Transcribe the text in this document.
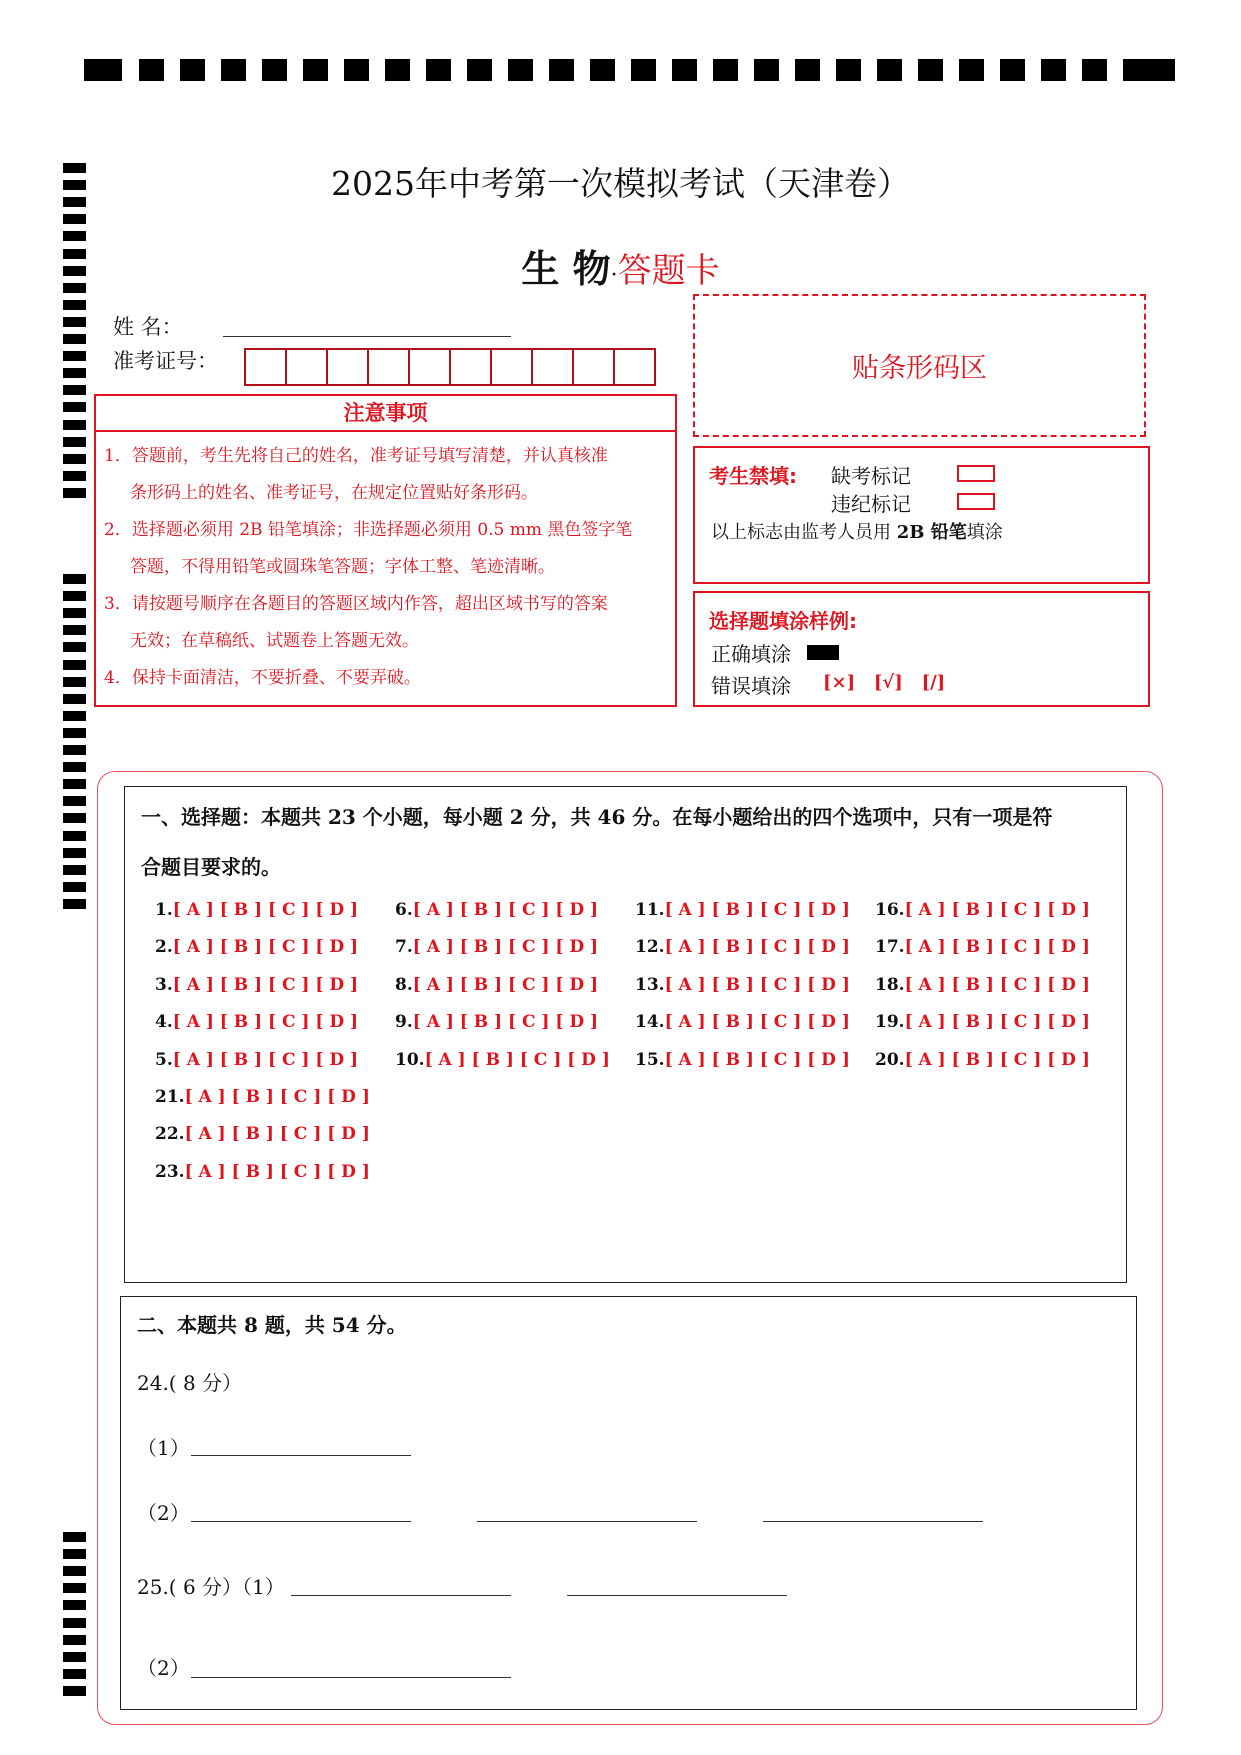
2025年中考第一次模拟考试（天津卷）
生 物·答题卡
姓 名：
准考证号：	贴条形码区
注意事项
1．答题前，考生先将自己的姓名，准考证号填写清楚，并认真核准
条形码上的姓名、准考证号，在规定位置贴好条形码。
2．选择题必须用 2B 铅笔填涂；非选择题必须用 0.5 mm 黑色签字笔
答题，不得用铅笔或圆珠笔答题；字体工整、笔迹清晰。
3．请按题号顺序在各题目的答题区域内作答，超出区域书写的答案
无效；在草稿纸、试题卷上答题无效。
4．保持卡面清洁，不要折叠、不要弄破。
考生禁填: 缺考标记
违纪标记
以上标志由监考人员用 2B 铅笔填涂
选择题填涂样例:
正确填涂
错误填涂 [×]   [√]   [/]
一、选择题：本题共 23 个小题，每小题 2 分，共 46 分。在每小题给出的四个选项中，只有一项是符
合题目要求的。
1.[ A ] [ B ] [ C ] [ D ]
2.[ A ] [ B ] [ C ] [ D ]
3.[ A ] [ B ] [ C ] [ D ]
4.[ A ] [ B ] [ C ] [ D ]
5.[ A ] [ B ] [ C ] [ D ]
6.[ A ] [ B ] [ C ] [ D ]
7.[ A ] [ B ] [ C ] [ D ]
8.[ A ] [ B ] [ C ] [ D ]
9.[ A ] [ B ] [ C ] [ D ]
10.[ A ] [ B ] [ C ] [ D ]
11.[ A ] [ B ] [ C ] [ D ]
12.[ A ] [ B ] [ C ] [ D ]
13.[ A ] [ B ] [ C ] [ D ]
14.[ A ] [ B ] [ C ] [ D ]
15.[ A ] [ B ] [ C ] [ D ]
16.[ A ] [ B ] [ C ] [ D ]
17.[ A ] [ B ] [ C ] [ D ]
18.[ A ] [ B ] [ C ] [ D ]
19.[ A ] [ B ] [ C ] [ D ]
20.[ A ] [ B ] [ C ] [ D ]
21.[ A ] [ B ] [ C ] [ D ]
22.[ A ] [ B ] [ C ] [ D ]
23.[ A ] [ B ] [ C ] [ D ]
二、本题共 8 题，共 54 分。
24.( 8 分）
（1）
（2）
25.( 6 分）（1）
（2）
